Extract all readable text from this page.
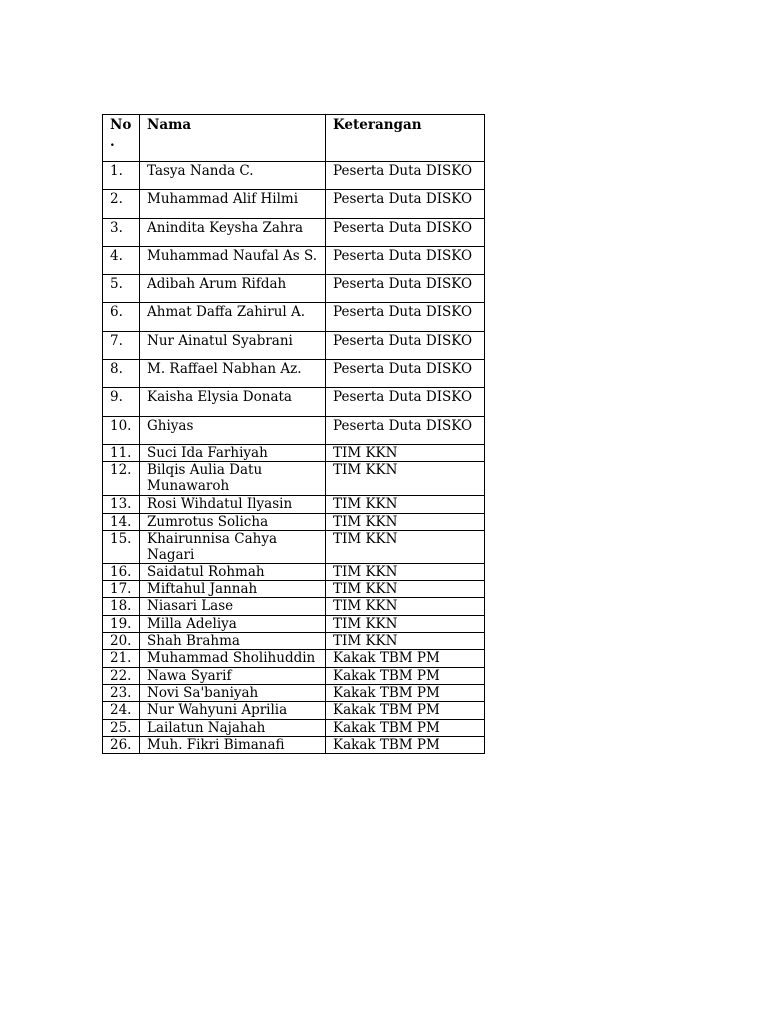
No .	Nama	Keterangan
1.	Tasya Nanda C.	Peserta Duta DISKO
2.	Muhammad Alif Hilmi	Peserta Duta DISKO
3.	Anindita Keysha Zahra	Peserta Duta DISKO
4.	Muhammad Naufal As S.	Peserta Duta DISKO
5.	Adibah Arum Rifdah	Peserta Duta DISKO
6.	Ahmat Daffa Zahirul A.	Peserta Duta DISKO
7.	Nur Ainatul Syabrani	Peserta Duta DISKO
8.	M. Raffael Nabhan Az.	Peserta Duta DISKO
9.	Kaisha Elysia Donata	Peserta Duta DISKO
10.	Ghiyas	Peserta Duta DISKO
11.	Suci Ida Farhiyah	TIM KKN
12.	Bilqis Aulia Datu Munawaroh	TIM KKN
13.	Rosi Wihdatul Ilyasin	TIM KKN
14.	Zumrotus Solicha	TIM KKN
15.	Khairunnisa Cahya Nagari	TIM KKN
16.	Saidatul Rohmah	TIM KKN
17.	Miftahul Jannah	TIM KKN
18.	Niasari Lase	TIM KKN
19.	Milla Adeliya	TIM KKN
20.	Shah Brahma	TIM KKN
21.	Muhammad Sholihuddin	Kakak TBM PM
22.	Nawa Syarif	Kakak TBM PM
23.	Novi Sa'baniyah	Kakak TBM PM
24.	Nur Wahyuni Aprilia	Kakak TBM PM
25.	Lailatun Najahah	Kakak TBM PM
26.	Muh. Fikri Bimanafi	Kakak TBM PM
